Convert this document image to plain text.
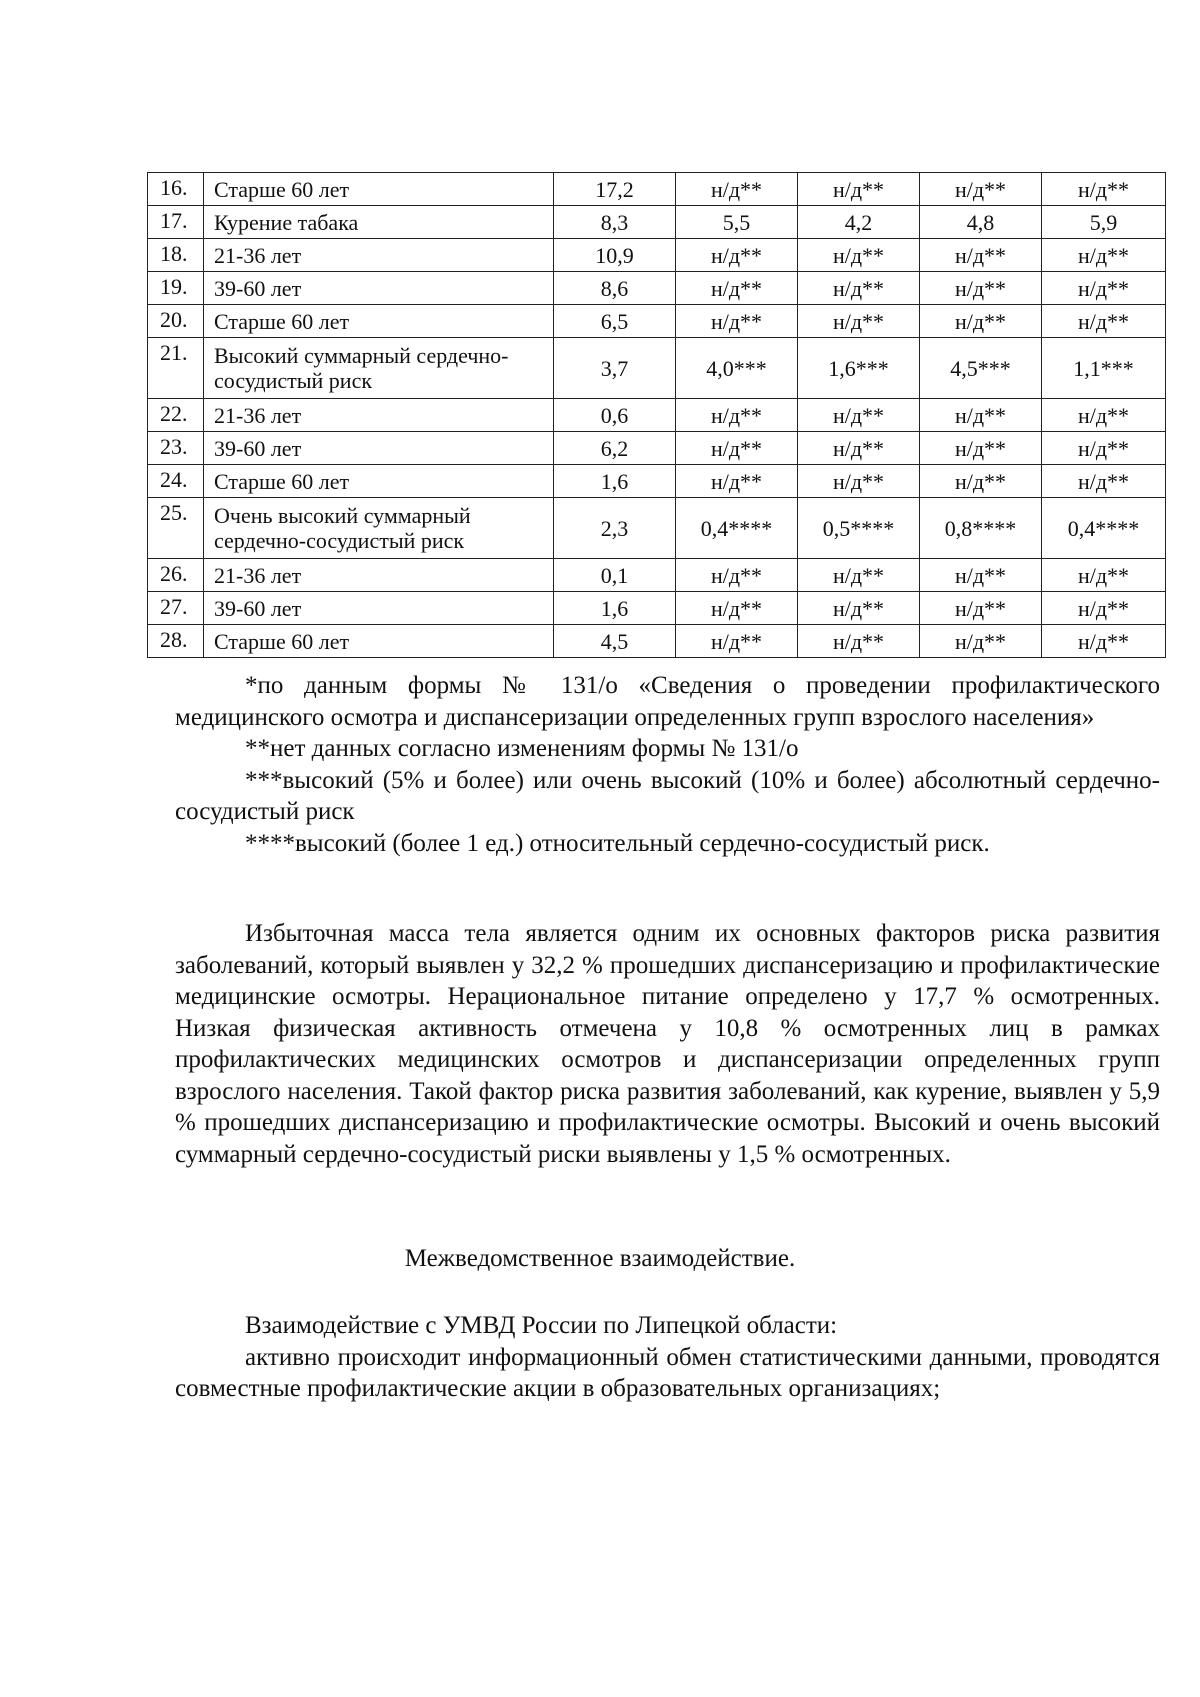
16.	Старше 60 лет	17,2	н/д**	н/д**	н/д**	н/д**
17.	Курение табака	8,3	5,5	4,2	4,8	5,9
18.	21-36 лет	10,9	н/д**	н/д**	н/д**	н/д**
19.	39-60 лет	8,6	н/д**	н/д**	н/д**	н/д**
20.	Старше 60 лет	6,5	н/д**	н/д**	н/д**	н/д**
21.	Высокий суммарный сердечно-сосудистый риск	3,7	4,0***	1,6***	4,5***	1,1***
22.	21-36 лет	0,6	н/д**	н/д**	н/д**	н/д**
23.	39-60 лет	6,2	н/д**	н/д**	н/д**	н/д**
24.	Старше 60 лет	1,6	н/д**	н/д**	н/д**	н/д**
25.	Очень высокий суммарный сердечно-сосудистый риск	2,3	0,4****	0,5****	0,8****	0,4****
26.	21-36 лет	0,1	н/д**	н/д**	н/д**	н/д**
27.	39-60 лет	1,6	н/д**	н/д**	н/д**	н/д**
28.	Старше 60 лет	4,5	н/д**	н/д**	н/д**	н/д**

*по данным формы № 131/о «Сведения о проведении профилактического медицинского осмотра и диспансеризации определенных групп взрослого населения»

**нет данных согласно изменениям формы № 131/о

***высокий (5% и более) или очень высокий (10% и более) абсолютный сердечно-сосудистый риск

****высокий (более 1 ед.) относительный сердечно-сосудистый риск.

Избыточная масса тела является одним их основных факторов риска развития заболеваний, который выявлен у 32,2 % прошедших диспансеризацию и профилактические медицинские осмотры. Нерациональное питание определено у 17,7 % осмотренных. Низкая физическая активность отмечена у 10,8 % осмотренных лиц в рамках профилактических медицинских осмотров и диспансеризации определенных групп взрослого населения. Такой фактор риска развития заболеваний, как курение, выявлен у 5,9 % прошедших диспансеризацию и профилактические осмотры. Высокий и очень высокий суммарный сердечно-сосудистый риски выявлены у 1,5 % осмотренных.

Межведомственное взаимодействие.

Взаимодействие с УМВД России по Липецкой области:

активно происходит информационный обмен статистическими данными, проводятся совместные профилактические акции в образовательных организациях;
